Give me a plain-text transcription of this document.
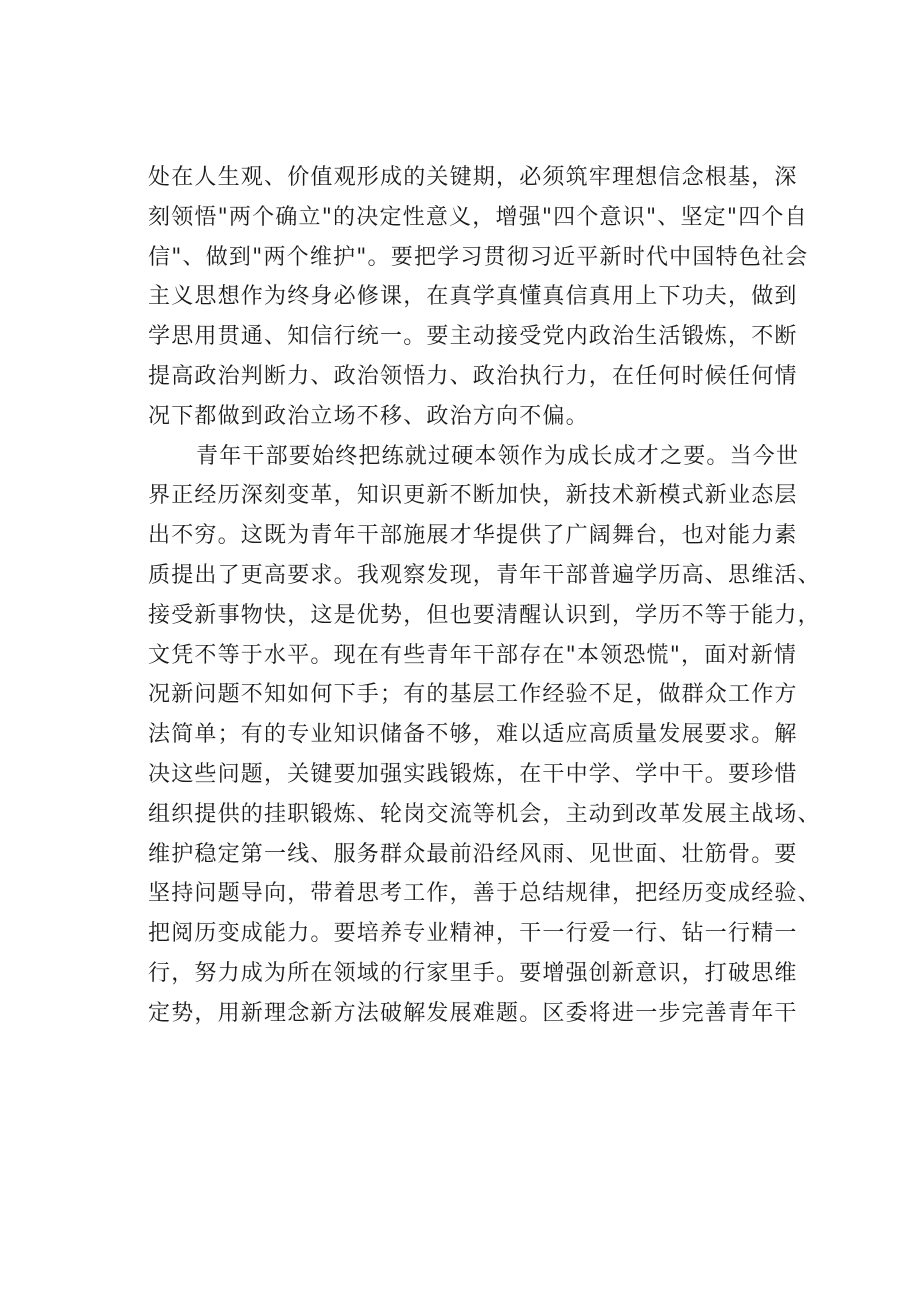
处在人生观、价值观形成的关键期，必须筑牢理想信念根基，深
刻领悟"两个确立"的决定性意义，增强"四个意识"、坚定"四个自
信"、做到"两个维护"。要把学习贯彻习近平新时代中国特色社会
主义思想作为终身必修课，在真学真懂真信真用上下功夫，做到
学思用贯通、知信行统一。要主动接受党内政治生活锻炼，不断
提高政治判断力、政治领悟力、政治执行力，在任何时候任何情
况下都做到政治立场不移、政治方向不偏。
青年干部要始终把练就过硬本领作为成长成才之要。当今世
界正经历深刻变革，知识更新不断加快，新技术新模式新业态层
出不穷。这既为青年干部施展才华提供了广阔舞台，也对能力素
质提出了更高要求。我观察发现，青年干部普遍学历高、思维活、
接受新事物快，这是优势，但也要清醒认识到，学历不等于能力，
文凭不等于水平。现在有些青年干部存在"本领恐慌"，面对新情
况新问题不知如何下手；有的基层工作经验不足，做群众工作方
法简单；有的专业知识储备不够，难以适应高质量发展要求。解
决这些问题，关键要加强实践锻炼，在干中学、学中干。要珍惜
组织提供的挂职锻炼、轮岗交流等机会，主动到改革发展主战场、
维护稳定第一线、服务群众最前沿经风雨、见世面、壮筋骨。要
坚持问题导向，带着思考工作，善于总结规律，把经历变成经验、
把阅历变成能力。要培养专业精神，干一行爱一行、钻一行精一
行，努力成为所在领域的行家里手。要增强创新意识，打破思维
定势，用新理念新方法破解发展难题。区委将进一步完善青年干
